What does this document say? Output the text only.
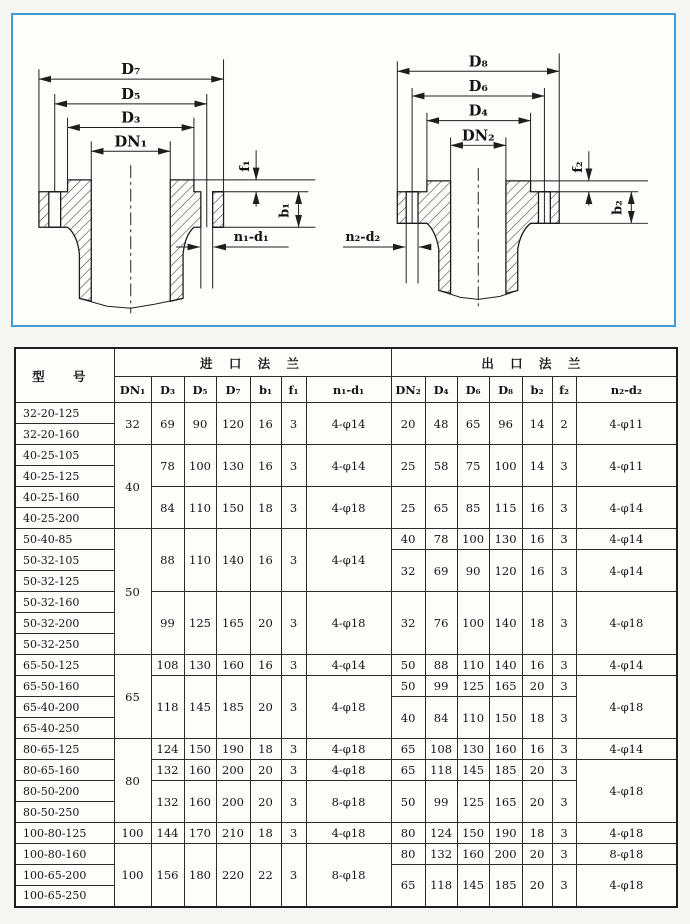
D₇
D₅
D₃
DN₁
f₁
b₁
n₁-d₁
D₈
D₆
D₄
DN₂
f₂
b₂
n₂-d₂
型 号	进 口 法 兰							出 口 法 兰						
	DN₁	D₃	D₅	D₇	b₁	f₁	n₁-d₁	DN₂	D₄	D₆	D₈	b₂	f₂	n₂-d₂
32-20-125	32	69	90	120	16	3	4-φ14	20	48	65	96	14	2	4-φ11
32-20-160														
40-25-105	40	78	100	130	16	3	4-φ14	25	58	75	100	14	3	4-φ11
40-25-125														
40-25-160		84	110	150	18	3	4-φ18	25	65	85	115	16	3	4-φ14
40-25-200														
50-40-85	50	88	110	140	16	3	4-φ14	40	78	100	130	16	3	4-φ14
50-32-105								32	69	90	120	16	3	4-φ14
50-32-125														
50-32-160		99	125	165	20	3	4-φ18	32	76	100	140	18	3	4-φ18
50-32-200														
50-32-250														
65-50-125	65	108	130	160	16	3	4-φ14	50	88	110	140	16	3	4-φ14
65-50-160		118	145	185	20	3	4-φ18	50	99	125	165	20	3	4-φ18
65-40-200								40	84	110	150	18	3	
65-40-250														
80-65-125	80	124	150	190	18	3	4-φ18	65	108	130	160	16	3	4-φ14
80-65-160		132	160	200	20	3	4-φ18	65	118	145	185	20	3	4-φ18
80-50-200		132	160	200	20	3	8-φ18	50	99	125	165	20	3	
80-50-250														
100-80-125	100	144	170	210	18	3	4-φ18	80	124	150	190	18	3	4-φ18
100-80-160	100	156	180	220	22	3	8-φ18	80	132	160	200	20	3	8-φ18
100-65-200								65	118	145	185	20	3	4-φ18
100-65-250														
